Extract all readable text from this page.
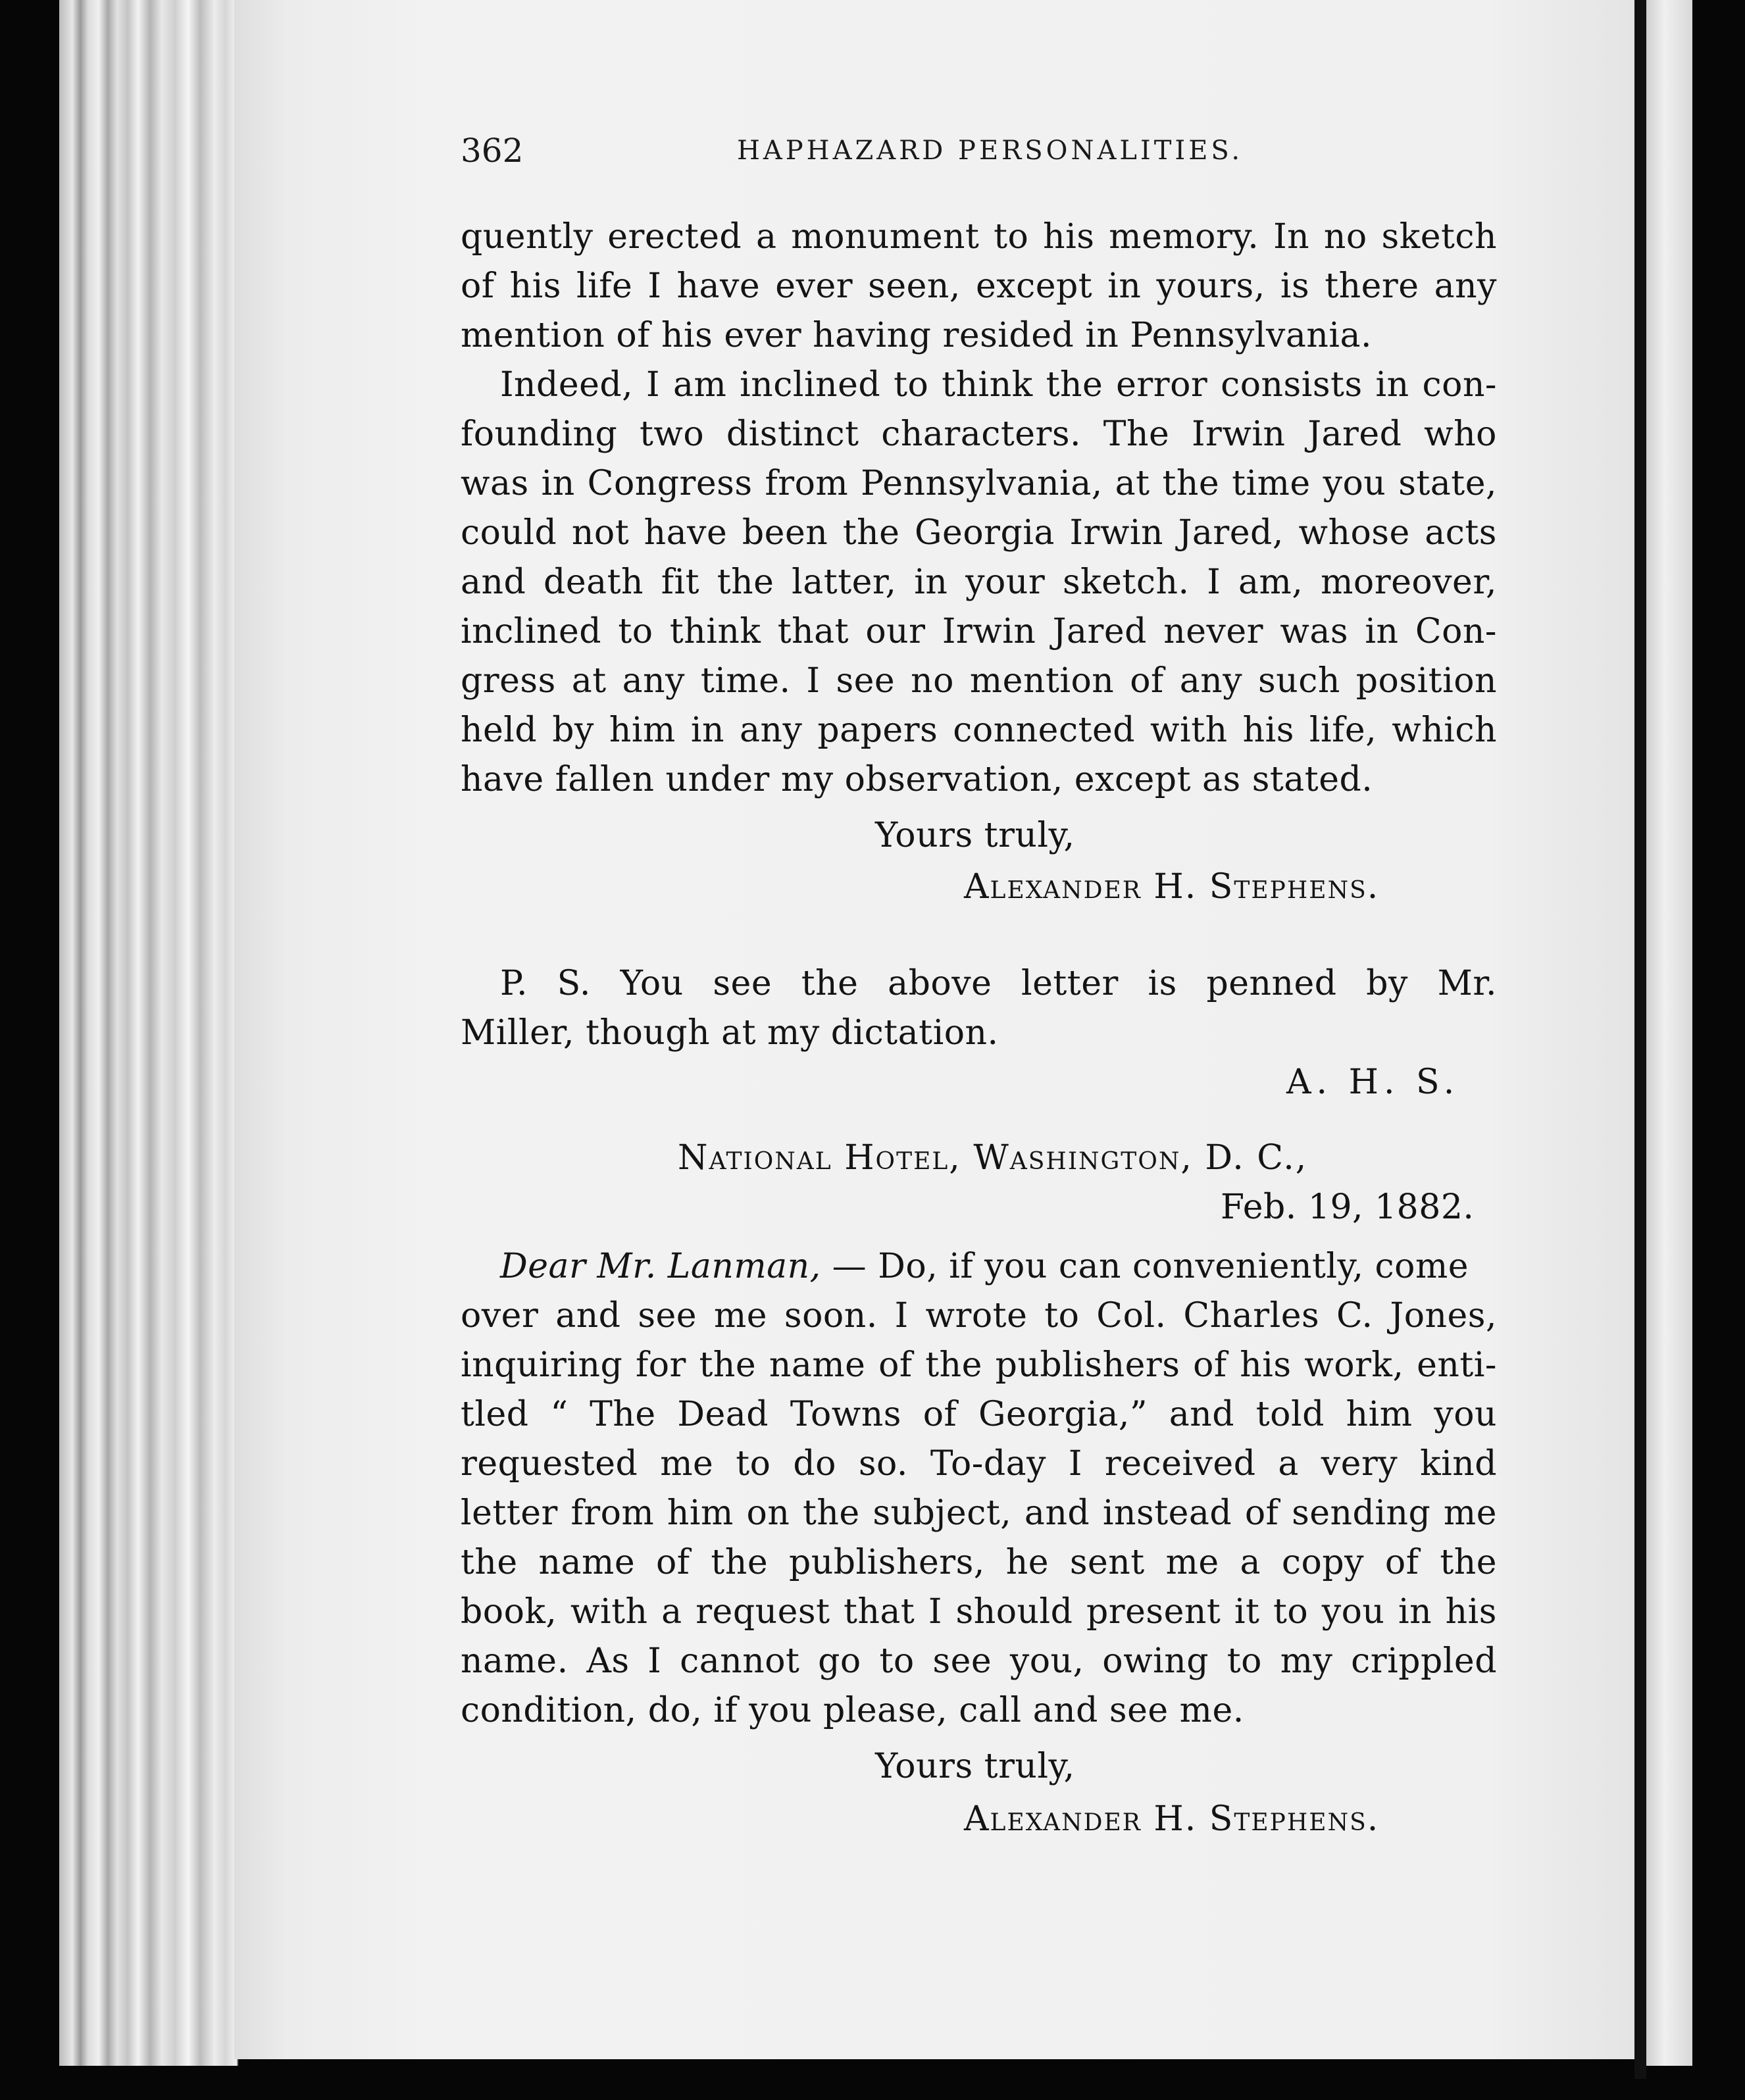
362	HAPHAZARD PERSONALITIES.
quently erected a monument to his memory. In no sketch
of his life I have ever seen, except in yours, is there any
mention of his ever having resided in Pennsylvania.
Indeed, I am inclined to think the error consists in con-
founding two distinct characters. The Irwin Jared who
was in Congress from Pennsylvania, at the time you state,
could not have been the Georgia Irwin Jared, whose acts
and death fit the latter, in your sketch. I am, moreover,
inclined to think that our Irwin Jared never was in Con-
gress at any time. I see no mention of any such position
held by him in any papers connected with his life, which
have fallen under my observation, except as stated.
Yours truly,
Alexander H. Stephens.
P. S. You see the above letter is penned by Mr.
Miller, though at my dictation.
A. H. S.
National Hotel, Washington, D. C.,
Feb. 19, 1882.
Dear Mr. Lanman, — Do, if you can conveniently, come
over and see me soon. I wrote to Col. Charles C. Jones,
inquiring for the name of the publishers of his work, enti-
tled “ The Dead Towns of Georgia,” and told him you
requested me to do so. To-day I received a very kind
letter from him on the subject, and instead of sending me
the name of the publishers, he sent me a copy of the
book, with a request that I should present it to you in his
name. As I cannot go to see you, owing to my crippled
condition, do, if you please, call and see me.
Yours truly,
Alexander H. Stephens.
